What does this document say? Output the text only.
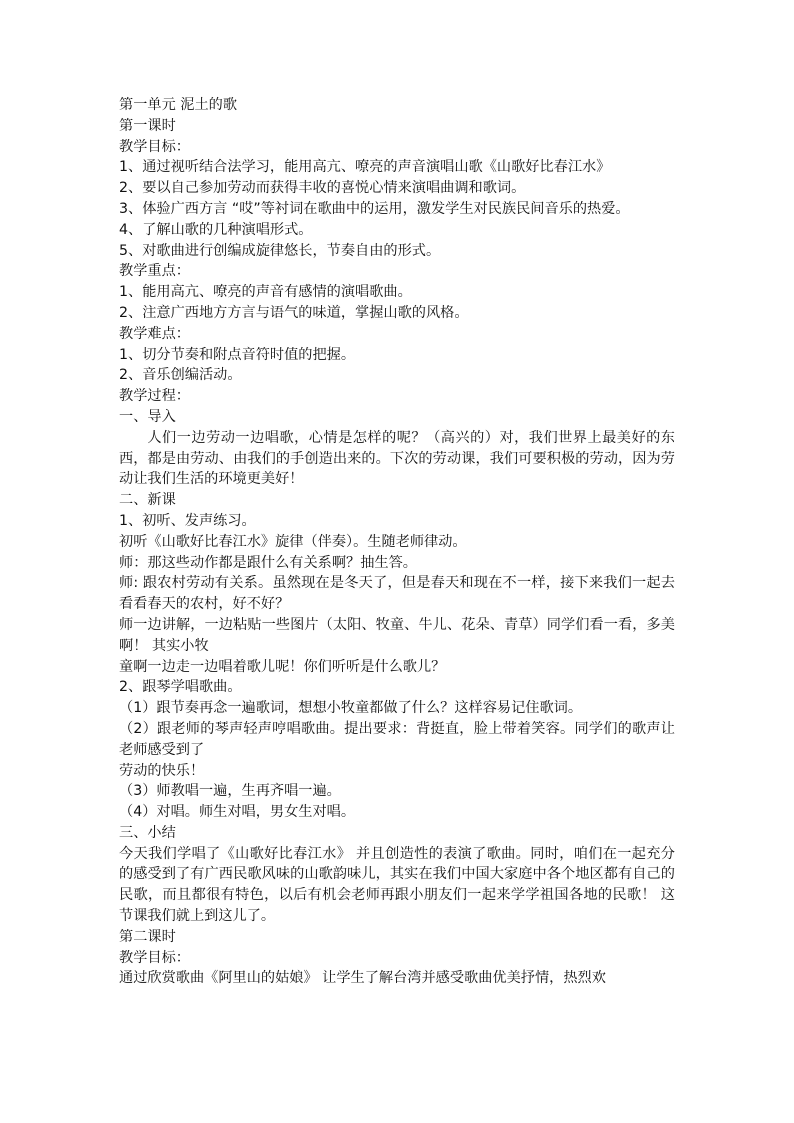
第一单元 泥土的歌
第一课时
教学目标：
1、通过视听结合法学习，能用高亢、嘹亮的声音演唱山歌《山歌好比春江水》
2、要以自己参加劳动而获得丰收的喜悦心情来演唱曲调和歌词。
3、体验广西方言 “哎”等衬词在歌曲中的运用，激发学生对民族民间音乐的热爱。
4、了解山歌的几种演唱形式。
5、对歌曲进行创编成旋律悠长，节奏自由的形式。
教学重点：
1、能用高亢、嘹亮的声音有感情的演唱歌曲。
2、注意广西地方方言与语气的味道，掌握山歌的风格。
教学难点：
1、切分节奏和附点音符时值的把握。
2、音乐创编活动。
教学过程：
一、导入
人们一边劳动一边唱歌，心情是怎样的呢？（高兴的）对，我们世界上最美好的东西，都是由劳动、由我们的手创造出来的。下次的劳动课，我们可要积极的劳动，因为劳动让我们生活的环境更美好！
二、新课
1、初听、发声练习。
初听《山歌好比春江水》旋律（伴奏）。生随老师律动。
师：那这些动作都是跟什么有关系啊？抽生答。
师: 跟农村劳动有关系。虽然现在是冬天了，但是春天和现在不一样，接下来我们一起去看看春天的农村，好不好？
师一边讲解，一边粘贴一些图片（太阳、牧童、牛儿、花朵、青草）同学们看一看，多美啊！ 其实小牧
童啊一边走一边唱着歌儿呢！你们听听是什么歌儿？
2、跟琴学唱歌曲。
（1）跟节奏再念一遍歌词，想想小牧童都做了什么？这样容易记住歌词。
（2）跟老师的琴声轻声哼唱歌曲。提出要求：背挺直，脸上带着笑容。同学们的歌声让老师感受到了
劳动的快乐！
（3）师教唱一遍，生再齐唱一遍。
（4）对唱。师生对唱，男女生对唱。
三、小结
今天我们学唱了《山歌好比春江水》 并且创造性的表演了歌曲。同时，咱们在一起充分的感受到了有广西民歌风味的山歌韵味儿，其实在我们中国大家庭中各个地区都有自己的民歌，而且都很有特色，以后有机会老师再跟小朋友们一起来学学祖国各地的民歌！ 这节课我们就上到这儿了。
第二课时
教学目标：
通过欣赏歌曲《阿里山的姑娘》 让学生了解台湾并感受歌曲优美抒情，热烈欢
